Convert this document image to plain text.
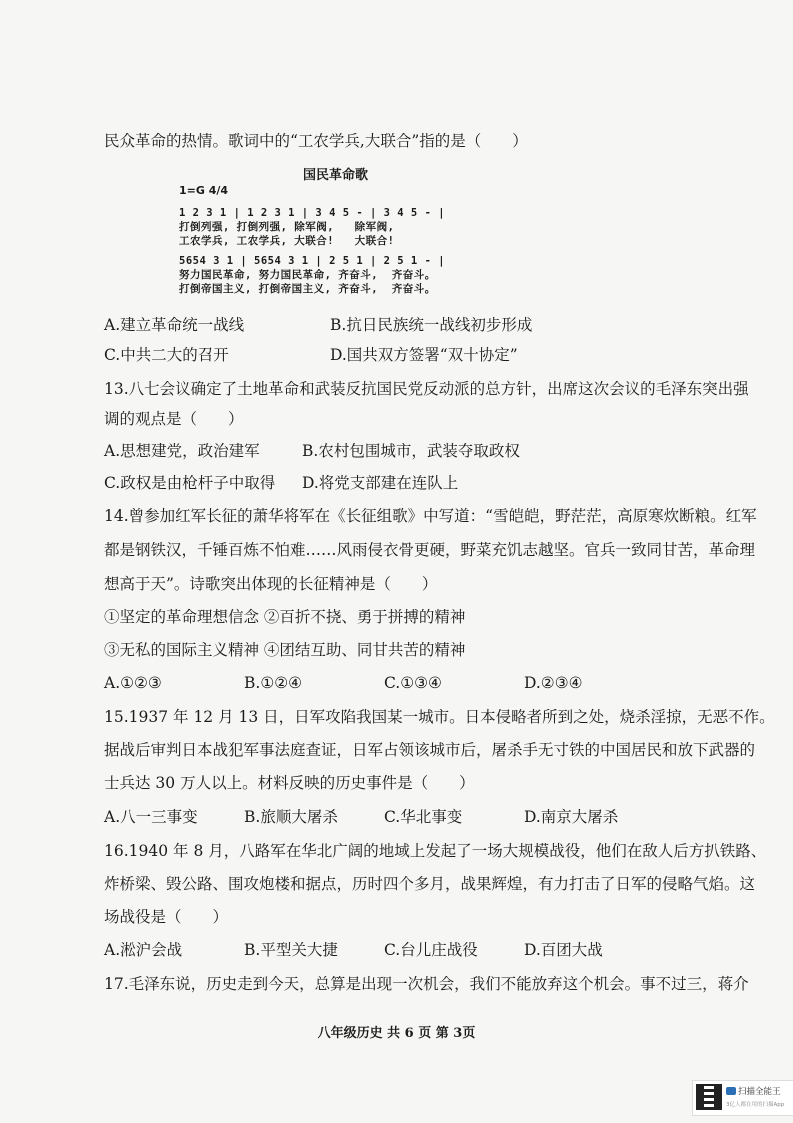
民众革命的热情。歌词中的“工农学兵,大联合”指的是（　　）
国民革命歌
1=G 4/4
1 2 3 1 | 1 2 3 1 | 3 4 5 - | 3 4 5 - |
打倒列强, 打倒列强, 除军阀,   除军阀,
工农学兵, 工农学兵, 大联合!   大联合!
5654 3 1 | 5654 3 1 | 2 5 1 | 2 5 1 - |
努力国民革命, 努力国民革命, 齐奋斗,  齐奋斗。
打倒帝国主义, 打倒帝国主义, 齐奋斗,  齐奋斗。
A.建立革命统一战线	B.抗日民族统一战线初步形成
C.中共二大的召开	D.国共双方签署“双十协定”
13.八七会议确定了土地革命和武装反抗国民党反动派的总方针，出席这次会议的毛泽东突出强
调的观点是（　　）
A.思想建党，政治建军	B.农村包围城市，武装夺取政权
C.政权是由枪杆子中取得 D.将党支部建在连队上
14.曾参加红军长征的萧华将军在《长征组歌》中写道：“雪皑皑，野茫茫，高原寒炊断粮。红军
都是钢铁汉，千锤百炼不怕难……风雨侵衣骨更硬，野菜充饥志越坚。官兵一致同甘苦，革命理
想高于天”。诗歌突出体现的长征精神是（　　）
①坚定的革命理想信念 ②百折不挠、勇于拼搏的精神
③无私的国际主义精神 ④团结互助、同甘共苦的精神
A.①②③	B.①②④	C.①③④	D.②③④
15.1937 年 12 月 13 日，日军攻陷我国某一城市。日本侵略者所到之处，烧杀淫掠，无恶不作。
据战后审判日本战犯军事法庭查证，日军占领该城市后，屠杀手无寸铁的中国居民和放下武器的
士兵达 30 万人以上。材料反映的历史事件是（　　）
A.八一三事变	B.旅顺大屠杀	C.华北事变	D.南京大屠杀
16.1940 年 8 月，八路军在华北广阔的地域上发起了一场大规模战役，他们在敌人后方扒铁路、
炸桥梁、毁公路、围攻炮楼和据点，历时四个多月，战果辉煌，有力打击了日军的侵略气焰。这
场战役是（　　）
A.淞沪会战	B.平型关大捷	C.台儿庄战役	D.百团大战
17.毛泽东说，历史走到今天，总算是出现一次机会，我们不能放弃这个机会。事不过三，蒋介
八年级历史 共 6 页 第 3页
扫描全能王
3亿人都在用的扫描App
